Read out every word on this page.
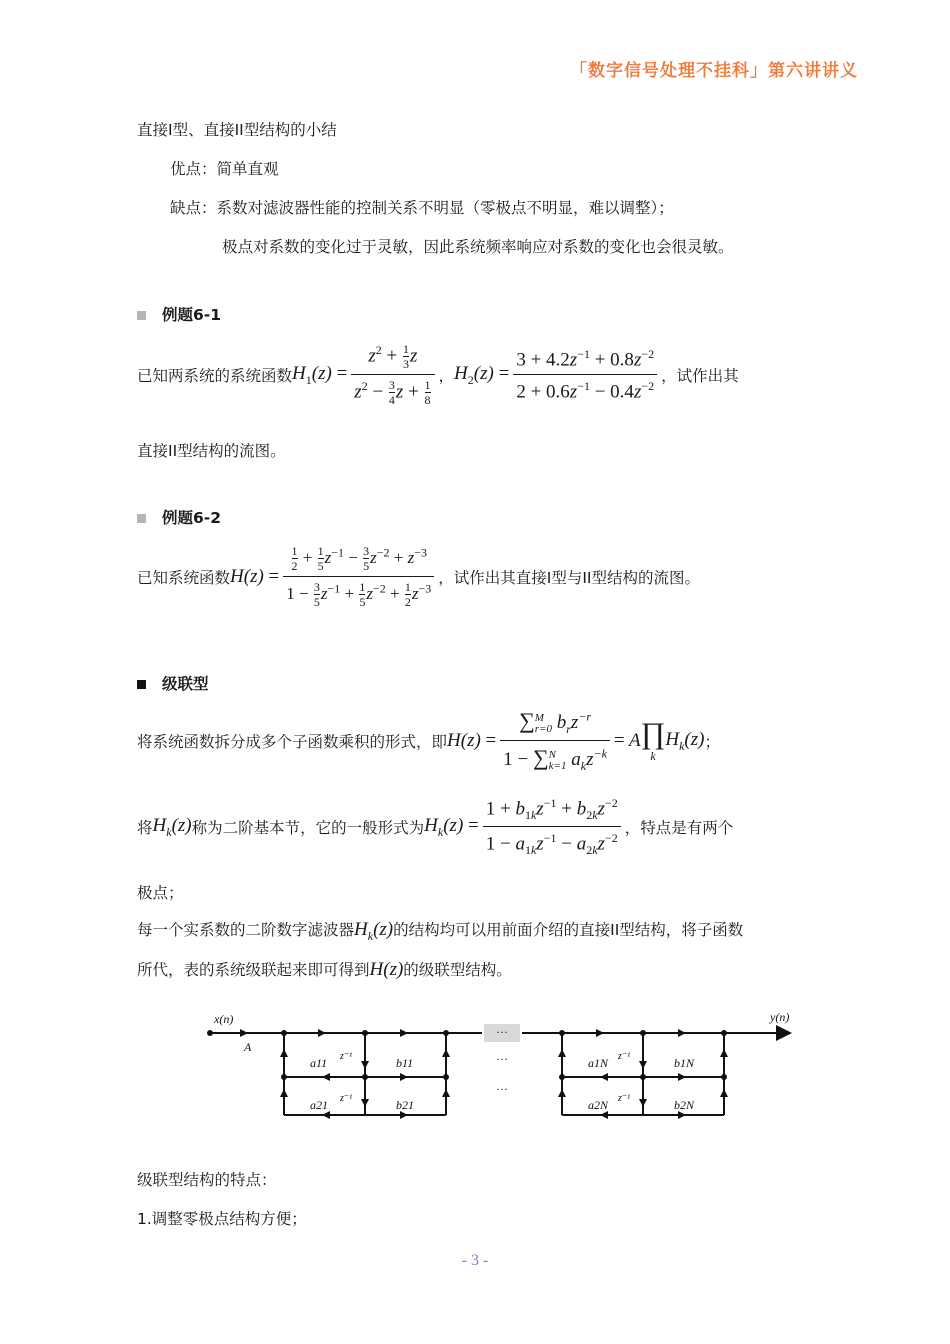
「数字信号处理不挂科」第六讲讲义
直接I型、直接II型结构的小结
优点：简单直观
缺点：系数对滤波器性能的控制关系不明显（零极点不明显，难以调整）；
极点对系数的变化过于灵敏，因此系统频率响应对系数的变化也会很灵敏。
例题6-1
已知两系统的系统函数 $H_1(z) = \frac{z^2 + \frac{1}{3} z}{z^2 - \frac{3}{4} z + \frac{1}{8}}$ ， $H_2(z) = \frac{3 + 4.2z^{-1} + 0.8z^{-2}}{2 + 0.6z^{-1} - 0.4z^{-2}}$ ，试作出其
直接II型结构的流图。
例题6-2
已知系统函数 $H(z) = \frac{\frac{1}{2} + \frac{1}{5} z^{-1} - \frac{3}{5} z^{-2} + z^{-3}}{1 - \frac{3}{5} z^{-1} + \frac{1}{5} z^{-2} + \frac{1}{2} z^{-3}}$ ，试作出其直接I型与II型结构的流图。
级联型
将系统函数拆分成多个子函数乘积的形式，即 H(z) = ∑ M
r=0 $b_rz^{-r}$
1 − ∑ N
k=1 $a_kz^{-k} = A$ ∏
k
$H_k(z)$ ；
将 $H_k(z)$ 称为二阶基本节，它的一般形式为 $H_k(z) = \frac{1 + b_{1k}z^{-1} + b_{2k}z^{-2}}{1 - a_{1k}z^{-1} - a_{2k}z^{-2}}$ ，特点是有两个
极点；
每一个实系数的二阶数字滤波器$H_k(z)$的结构均可以用前面介绍的直接II型结构，将子函数
所代，表的系统级联起来即可得到H(z)的级联型结构。
···
···
···
x(n)	y(n)
A
a11 z⁻¹	b11
a21 z⁻¹	b21
a1N z⁻¹	b1N
a2N z⁻¹	b2N
级联型结构的特点：
1.调整零极点结构方便；
- 3 -
